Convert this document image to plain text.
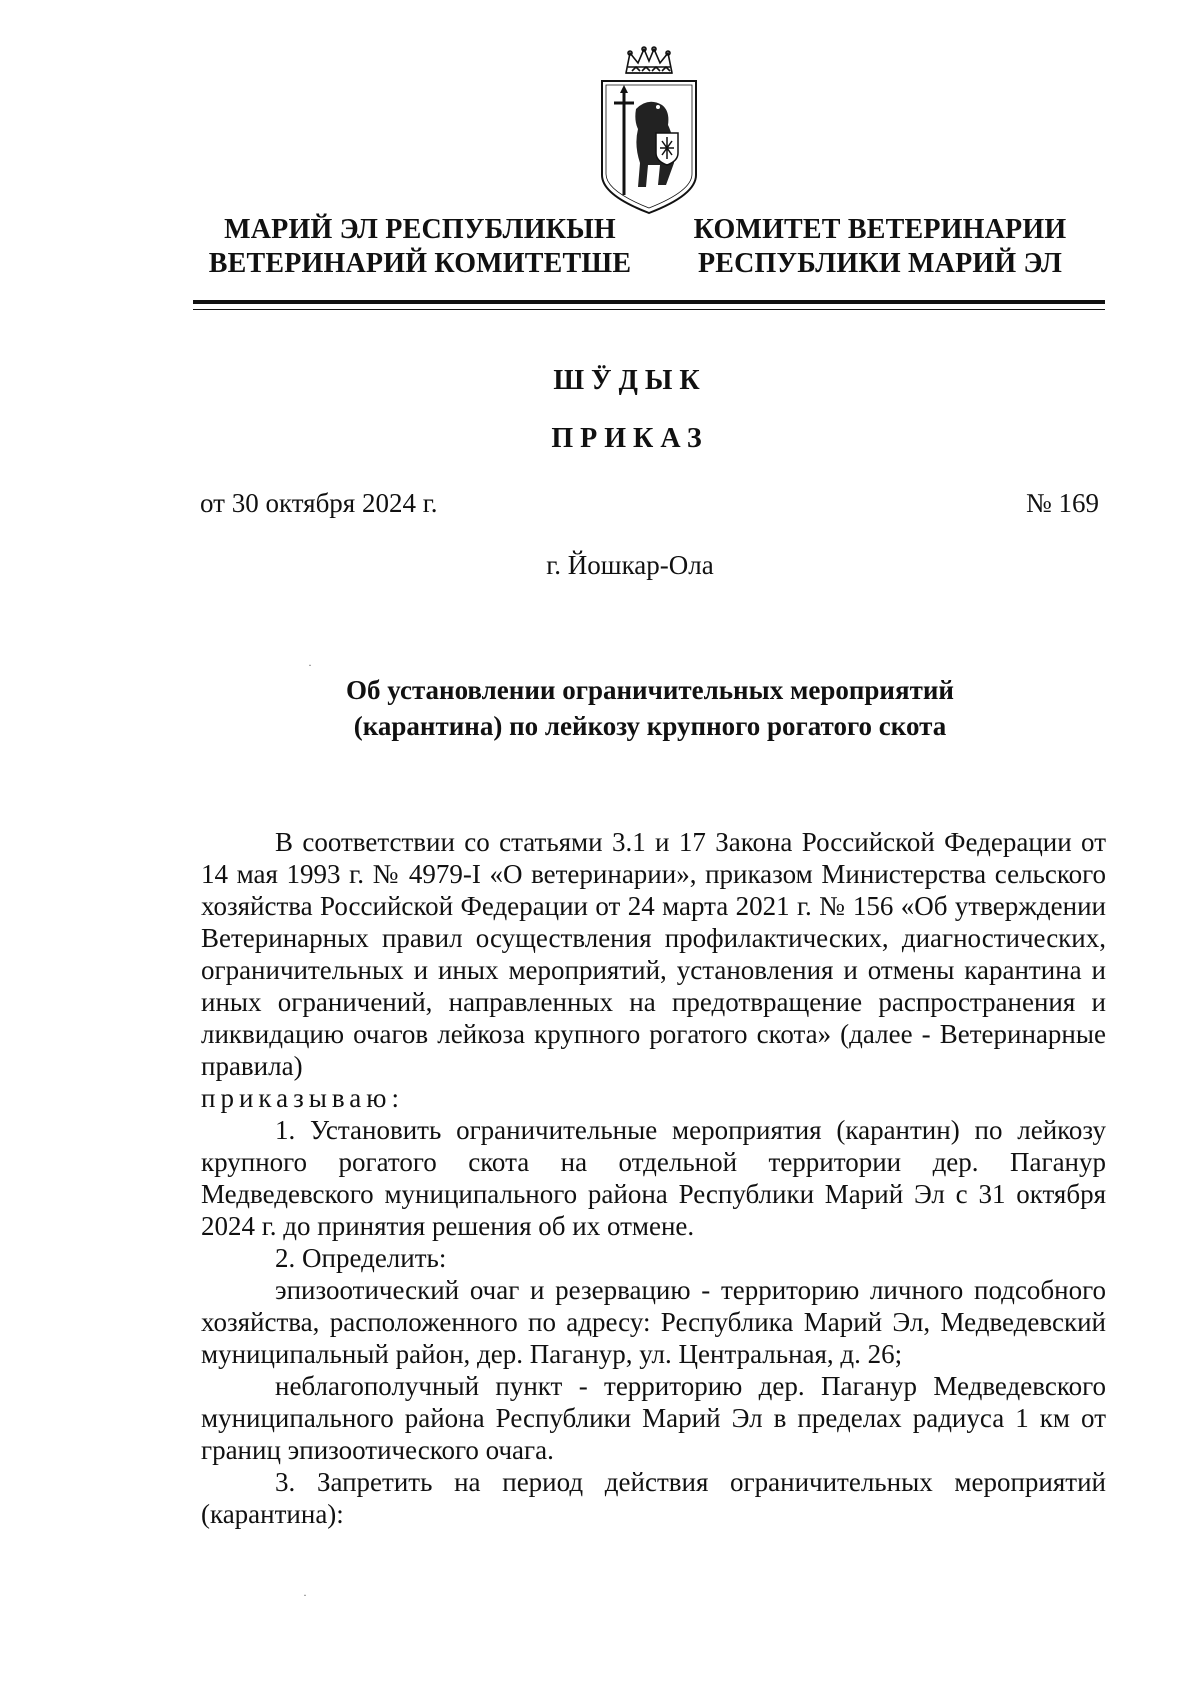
МАРИЙ ЭЛ РЕСПУБЛИКЫН
ВЕТЕРИНАРИЙ КОМИТЕТШЕ
КОМИТЕТ ВЕТЕРИНАРИИ
РЕСПУБЛИКИ МАРИЙ ЭЛ
ШӰДЫК
ПРИКАЗ
от 30 октября 2024 г.	№ 169
г. Йошкар-Ола
Об установлении ограничительных мероприятий
(карантина) по лейкозу крупного рогатого скота

В соответствии со статьями 3.1 и 17 Закона Российской Федерации от 14 мая 1993 г. № 4979-I «О ветеринарии», приказом Министерства сельского хозяйства Российской Федерации от 24 марта 2021 г. № 156 «Об утверждении Ветеринарных правил осуществления профилактических, диагностических, ограничительных и иных мероприятий, установления и отмены карантина и иных ограничений, направленных на предотвращение распространения и ликвидацию очагов лейкоза крупного рогатого скота» (далее - Ветеринарные правила)

приказываю:

1. Установить ограничительные мероприятия (карантин) по лейкозу крупного рогатого скота на отдельной территории дер. Паганур Медведевского муниципального района Республики Марий Эл с 31 октября 2024 г. до принятия решения об их отмене.

2. Определить:

эпизоотический очаг и резервацию - территорию личного подсобного хозяйства, расположенного по адресу: Республика Марий Эл, Медведевский муниципальный район, дер. Паганур, ул. Центральная, д. 26;

неблагополучный пункт - территорию дер. Паганур Медведевского муниципального района Республики Марий Эл в пределах радиуса 1 км от границ эпизоотического очага.

3. Запретить на период действия ограничительных мероприятий (карантина):

·
·
